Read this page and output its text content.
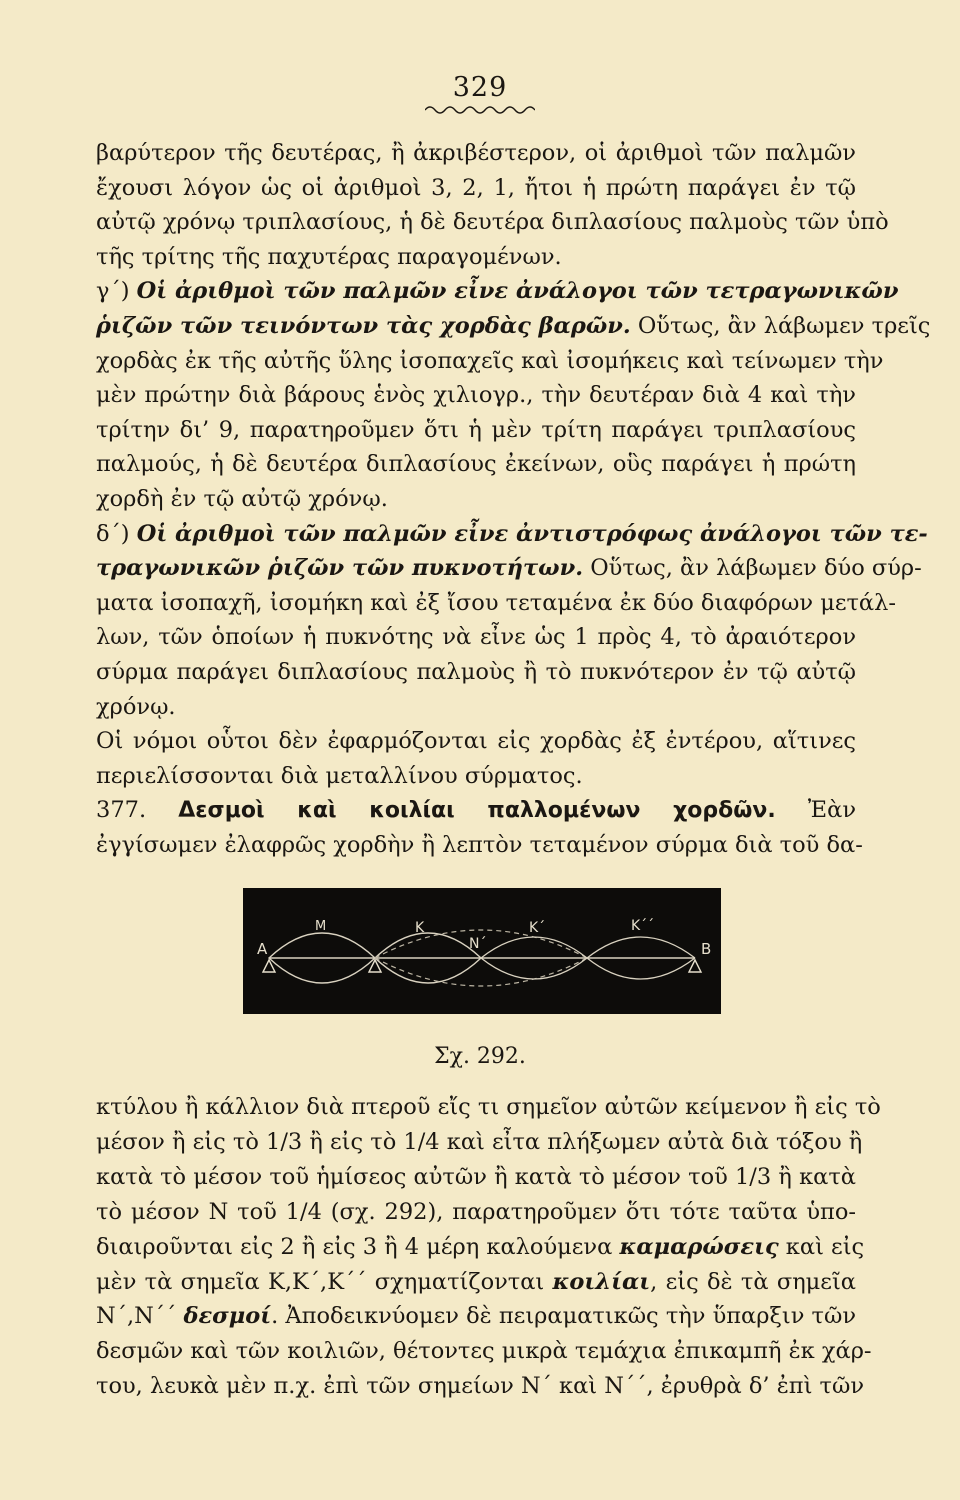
329
βαρύτερον τῆς δευτέρας, ἢ ἀκριβέστερον, οἱ ἀριθμοὶ τῶν παλμῶν
ἔχουσι λόγον ὡς οἱ ἀριθμοὶ 3, 2, 1, ἤτοι ἡ πρώτη παράγει ἐν τῷ
αὐτῷ χρόνῳ τριπλασίους, ἡ δὲ δευτέρα διπλασίους παλμοὺς τῶν ὑπὸ
τῆς τρίτης τῆς παχυτέρας παραγομένων.
γ΄) Οἱ ἀριθμοὶ τῶν παλμῶν εἶνε ἀνάλογοι τῶν τετραγωνικῶν
ῥιζῶν τῶν τεινόντων τὰς χορδὰς βαρῶν. Οὕτως, ἂν λάβωμεν τρεῖς
χορδὰς ἐκ τῆς αὐτῆς ὕλης ἰσοπαχεῖς καὶ ἰσομήκεις καὶ τείνωμεν τὴν
μὲν πρώτην διὰ βάρους ἑνὸς χιλιογρ., τὴν δευτέραν διὰ 4 καὶ τὴν
τρίτην δι’ 9, παρατηροῦμεν ὅτι ἡ μὲν τρίτη παράγει τριπλασίους
παλμούς, ἡ δὲ δευτέρα διπλασίους ἐκείνων, οὓς παράγει ἡ πρώτη
χορδὴ ἐν τῷ αὐτῷ χρόνῳ.
δ΄) Οἱ ἀριθμοὶ τῶν παλμῶν εἶνε ἀντιστρόφως ἀνάλογοι τῶν τε-
τραγωνικῶν ῥιζῶν τῶν πυκνοτήτων. Οὕτως, ἂν λάβωμεν δύο σύρ-
ματα ἰσοπαχῆ, ἰσομήκη καὶ ἐξ ἴσου τεταμένα ἐκ δύο διαφόρων μετάλ-
λων, τῶν ὁποίων ἡ πυκνότης νὰ εἶνε ὡς 1 πρὸς 4, τὸ ἀραιότερον
σύρμα παράγει διπλασίους παλμοὺς ἢ τὸ πυκνότερον ἐν τῷ αὐτῷ
χρόνῳ.
Οἱ νόμοι οὗτοι δὲν ἐφαρμόζονται εἰς χορδὰς ἐξ ἐντέρου, αἵτινες
περιελίσσονται διὰ μεταλλίνου σύρματος.
377. Δεσμοὶ καὶ κοιλίαι παλλομένων χορδῶν. Ἐὰν
ἐγγίσωμεν ἐλαφρῶς χορδὴν ἢ λεπτὸν τεταμένον σύρμα διὰ τοῦ δα-
A
M	K
N΄
K΄	K΄΄
B
Σχ. 292.
κτύλου ἢ κάλλιον διὰ πτεροῦ εἴς τι σημεῖον αὐτῶν κείμενον ἢ εἰς τὸ
μέσον ἢ εἰς τὸ 1/3 ἢ εἰς τὸ 1/4 καὶ εἶτα πλήξωμεν αὐτὰ διὰ τόξου ἢ
κατὰ τὸ μέσον τοῦ ἡμίσεος αὐτῶν ἢ κατὰ τὸ μέσον τοῦ 1/3 ἢ κατὰ
τὸ μέσον Ν τοῦ 1/4 (σχ. 292), παρατηροῦμεν ὅτι τότε ταῦτα ὑπο-
διαιροῦνται εἰς 2 ἢ εἰς 3 ἢ 4 μέρη καλούμενα καμαρώσεις καὶ εἰς
μὲν τὰ σημεῖα Κ,Κ΄,Κ΄΄ σχηματίζονται κοιλίαι, εἰς δὲ τὰ σημεῖα
Ν΄,Ν΄΄ δεσμοί. Ἀποδεικνύομεν δὲ πειραματικῶς τὴν ὕπαρξιν τῶν
δεσμῶν καὶ τῶν κοιλιῶν, θέτοντες μικρὰ τεμάχια ἐπικαμπῆ ἐκ χάρ-
του, λευκὰ μὲν π.χ. ἐπὶ τῶν σημείων Ν΄ καὶ Ν΄΄, ἐρυθρὰ δ’ ἐπὶ τῶν
